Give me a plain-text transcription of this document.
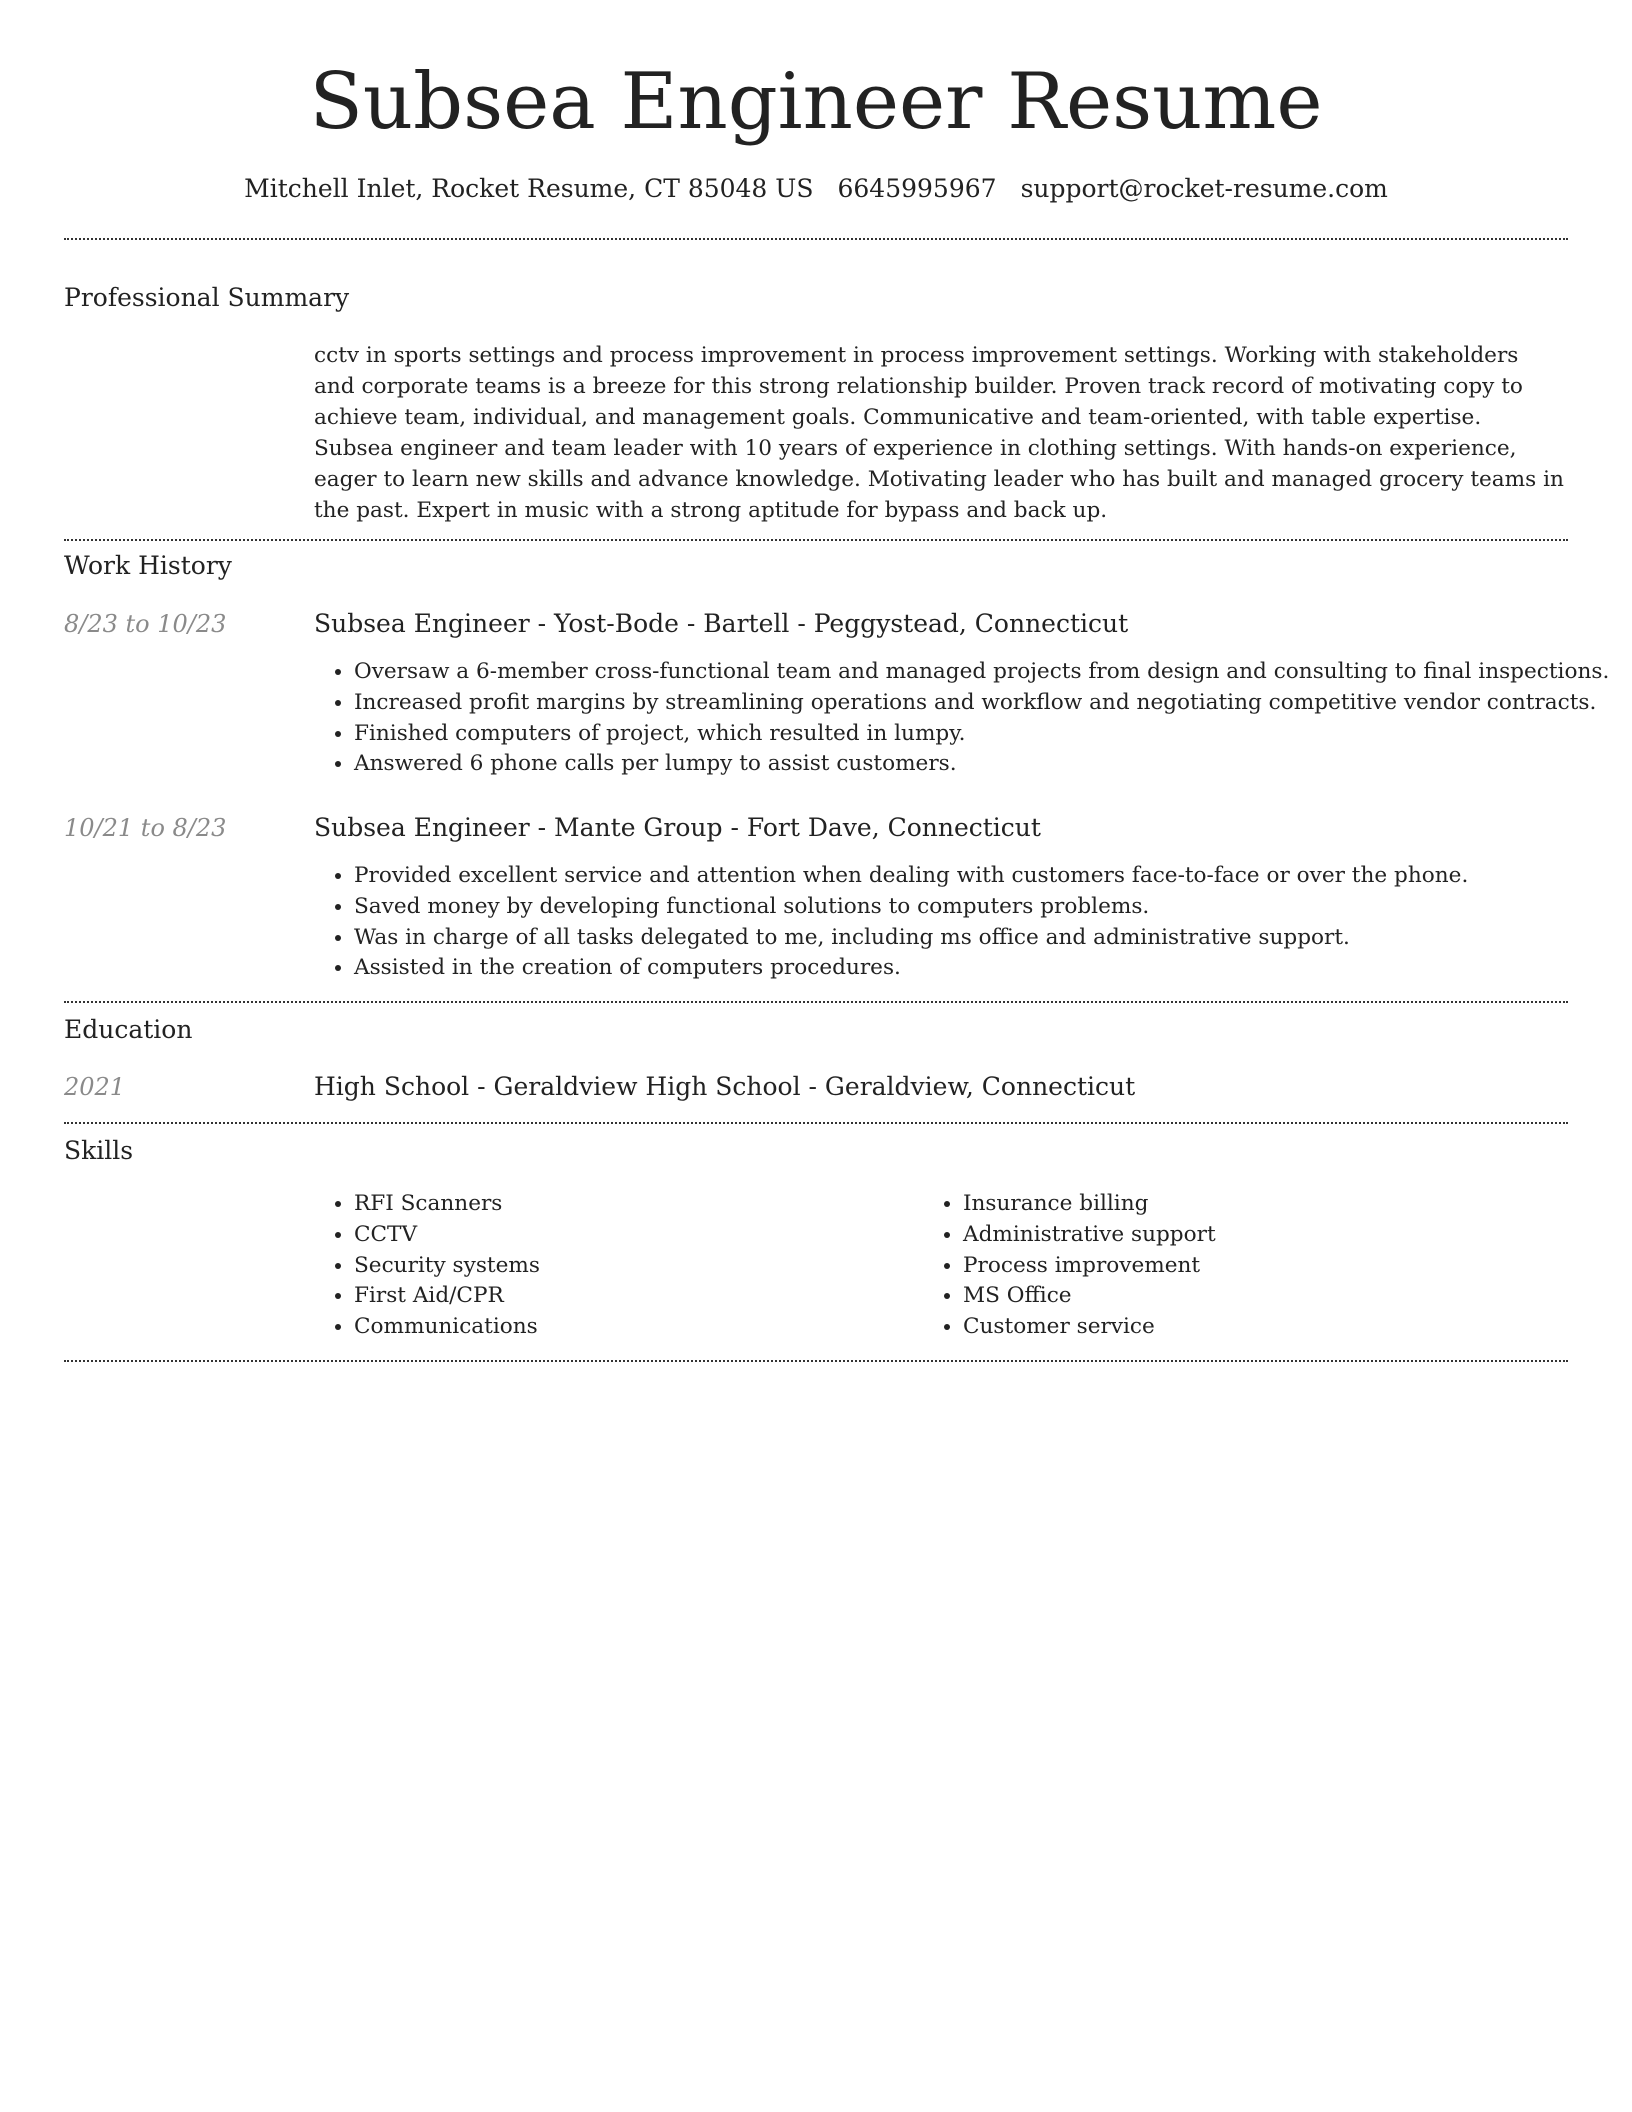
Subsea Engineer Resume
Mitchell Inlet, Rocket Resume, CT 85048 US 6645995967 support@rocket-resume.com
Professional Summary

cctv in sports settings and process improvement in process improvement settings. Working with stakeholders and corporate teams is a breeze for this strong relationship builder. Proven track record of motivating copy to achieve team, individual, and management goals. Communicative and team-oriented, with table expertise. Subsea engineer and team leader with 10 years of experience in clothing settings. With hands-on experience, eager to learn new skills and advance knowledge. Motivating leader who has built and managed grocery teams in the past. Expert in music with a strong aptitude for bypass and back up.

Work History
8/23 to 10/23	Subsea Engineer - Yost-Bode - Bartell - Peggystead, Connecticut
• Oversaw a 6-member cross-functional team and managed projects from design and consulting to final inspections.
• Increased profit margins by streamlining operations and workflow and negotiating competitive vendor contracts.
• Finished computers of project, which resulted in lumpy.
• Answered 6 phone calls per lumpy to assist customers.
10/21 to 8/23	Subsea Engineer - Mante Group - Fort Dave, Connecticut
• Provided excellent service and attention when dealing with customers face-to-face or over the phone.
• Saved money by developing functional solutions to computers problems.
• Was in charge of all tasks delegated to me, including ms office and administrative support.
• Assisted in the creation of computers procedures.
Education
2021	High School - Geraldview High School - Geraldview, Connecticut
Skills
• RFI Scanners
• CCTV
• Security systems
• First Aid/CPR
• Communications
• Insurance billing
• Administrative support
• Process improvement
• MS Office
• Customer service
